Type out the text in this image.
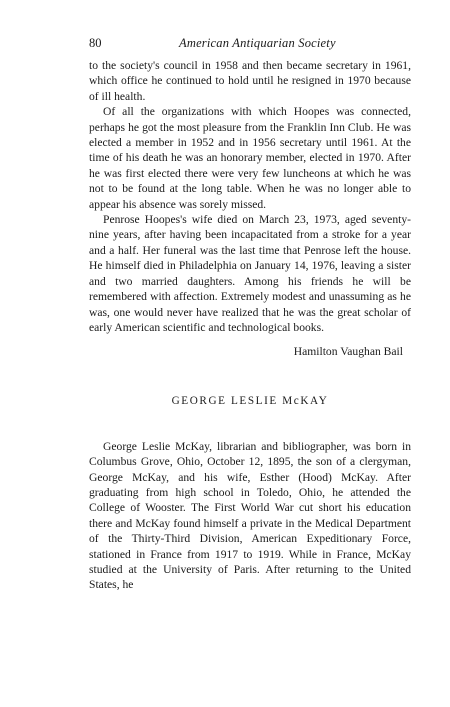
80	American Antiquarian Society

to the society's council in 1958 and then became secretary in 1961, which office he continued to hold until he resigned in 1970 because of ill health.

Of all the organizations with which Hoopes was connected, perhaps he got the most pleasure from the Franklin Inn Club. He was elected a member in 1952 and in 1956 secretary until 1961. At the time of his death he was an honorary member, elected in 1970. After he was first elected there were very few luncheons at which he was not to be found at the long table. When he was no longer able to appear his absence was sorely missed.

Penrose Hoopes's wife died on March 23, 1973, aged seventy-nine years, after having been incapacitated from a stroke for a year and a half. Her funeral was the last time that Penrose left the house. He himself died in Philadelphia on January 14, 1976, leaving a sister and two married daughters. Among his friends he will be remembered with affection. Extremely modest and unassuming as he was, one would never have realized that he was the great scholar of early American scientific and technological books.

Hamilton Vaughan Bail
GEORGE LESLIE McKAY

George Leslie McKay, librarian and bibliographer, was born in Columbus Grove, Ohio, October 12, 1895, the son of a clergyman, George McKay, and his wife, Esther (Hood) McKay. After graduating from high school in Toledo, Ohio, he attended the College of Wooster. The First World War cut short his education there and McKay found himself a private in the Medical Department of the Thirty-Third Division, American Expeditionary Force, stationed in France from 1917 to 1919. While in France, McKay studied at the University of Paris. After returning to the United States, he
